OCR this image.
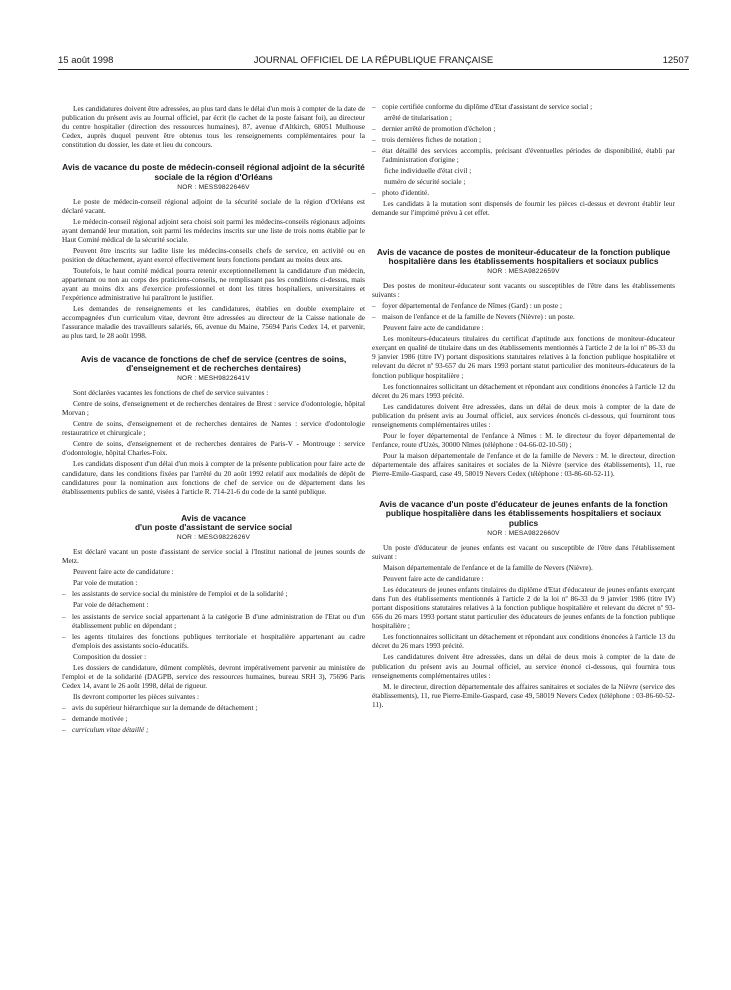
15 août 1998	JOURNAL OFFICIEL DE LA RÉPUBLIQUE FRANÇAISE	12507

Les candidatures doivent être adressées, au plus tard dans le délai d'un mois à compter de la date de publication du présent avis au Journal officiel, par écrit (le cachet de la poste faisant foi), au directeur du centre hospitalier (direction des ressources humaines), 87, avenue d'Altkirch, 68051 Mulhouse Cedex, auprès duquel peuvent être obtenus tous les renseignements complémentaires pour la constitution du dossier, les date et lieu du concours.

Avis de vacance du poste de médecin-conseil régional adjoint de la sécurité sociale de la région d'Orléans
NOR : MESS9822646V

Le poste de médecin-conseil régional adjoint de la sécurité sociale de la région d'Orléans est déclaré vacant.

Le médecin-conseil régional adjoint sera choisi soit parmi les médecins-conseils régionaux adjoints ayant demandé leur mutation, soit parmi les médecins inscrits sur une liste de trois noms établie par le Haut Comité médical de la sécurité sociale.

Peuvent être inscrits sur ladite liste les médecins-conseils chefs de service, en activité ou en position de détachement, ayant exercé effectivement leurs fonctions pendant au moins deux ans.

Toutefois, le haut comité médical pourra retenir exceptionnellement la candidature d'un médecin, appartenant ou non au corps des praticiens-conseils, ne remplissant pas les conditions ci-dessus, mais ayant au moins dix ans d'exercice professionnel et dont les titres hospitaliers, universitaires et l'expérience administrative lui paraîtront le justifier.

Les demandes de renseignements et les candidatures, établies en double exemplaire et accompagnées d'un curriculum vitae, devront être adressées au directeur de la Caisse nationale de l'assurance maladie des travailleurs salariés, 66, avenue du Maine, 75694 Paris Cedex 14, et parvenir, au plus tard, le 28 août 1998.

Avis de vacance de fonctions de chef de service (centres de soins, d'enseignement et de recherches dentaires)
NOR : MESH9822641V

Sont déclarées vacantes les fonctions de chef de service suivantes :

Centre de soins, d'enseignement et de recherches dentaires de Brest : service d'odontologie, hôpital Morvan ;

Centre de soins, d'enseignement et de recherches dentaires de Nantes : service d'odontologie restauratrice et chirurgicale ;

Centre de soins, d'enseignement et de recherches dentaires de Paris-V - Montrouge : service d'odontologie, hôpital Charles-Foix.

Les candidats disposent d'un délai d'un mois à compter de la présente publication pour faire acte de candidature, dans les conditions fixées par l'arrêté du 20 août 1992 relatif aux modalités de dépôt de candidatures pour la nomination aux fonctions de chef de service ou de département dans les établissements publics de santé, visées à l'article R. 714-21-6 du code de la santé publique.

Avis de vacance
d'un poste d'assistant de service social
NOR : MESG9822626V

Est déclaré vacant un poste d'assistant de service social à l'Institut national de jeunes sourds de Metz.

Peuvent faire acte de candidature :

Par voie de mutation :

– les assistants de service social du ministère de l'emploi et de la solidarité ;

Par voie de détachement :

– les assistants de service social appartenant à la catégorie B d'une administration de l'Etat ou d'un établissement public en dépendant ;

– les agents titulaires des fonctions publiques territoriale et hospitalière appartenant au cadre d'emplois des assistants socio-éducatifs.

Composition du dossier :

Les dossiers de candidature, dûment complétés, devront impérativement parvenir au ministère de l'emploi et de la solidarité (DAGPB, service des ressources humaines, bureau SRH 3), 75696 Paris Cedex 14, avant le 26 août 1998, délai de rigueur.

Ils devront comporter les pièces suivantes :

– avis du supérieur hiérarchique sur la demande de détachement ;

– demande motivée ;

– curriculum vitae détaillé ;

– copie certifiée conforme du diplôme d'Etat d'assistant de service social ;

arrêté de titularisation ;

– dernier arrêté de promotion d'échelon ;

– trois dernières fiches de notation ;

– état détaillé des services accomplis, précisant d'éventuelles périodes de disponibilité, établi par l'administration d'origine ;

fiche individuelle d'état civil ;

numéro de sécurité sociale ;

– photo d'identité.

Les candidats à la mutation sont dispensés de fournir les pièces ci-dessus et devront établir leur demande sur l'imprimé prévu à cet effet.

Avis de vacance de postes de moniteur-éducateur de la fonction publique hospitalière dans les établissements hospitaliers et sociaux publics
NOR : MESA9822659V

Des postes de moniteur-éducateur sont vacants ou susceptibles de l'être dans les établissements suivants :

– foyer départemental de l'enfance de Nîmes (Gard) : un poste ;

– maison de l'enfance et de la famille de Nevers (Nièvre) : un poste.

Peuvent faire acte de candidature :

Les moniteurs-éducateurs titulaires du certificat d'aptitude aux fonctions de moniteur-éducateur exerçant en qualité de titulaire dans un des établissements mentionnés à l'article 2 de la loi nº 86-33 du 9 janvier 1986 (titre IV) portant dispositions statutaires relatives à la fonction publique hospitalière et relevant du décret nº 93-657 du 26 mars 1993 portant statut particulier des moniteurs-éducateurs de la fonction publique hospitalière ;

Les fonctionnaires sollicitant un détachement et répondant aux conditions énoncées à l'article 12 du décret du 26 mars 1993 précité.

Les candidatures doivent être adressées, dans un délai de deux mois à compter de la date de publication du présent avis au Journal officiel, aux services énoncés ci-dessous, qui fourniront tous renseignements complémentaires utiles :

Pour le foyer départemental de l'enfance à Nîmes : M. le directeur du foyer départemental de l'enfance, route d'Uzès, 30000 Nîmes (téléphone : 04-66-02-10-50) ;

Pour la maison départementale de l'enfance et de la famille de Nevers : M. le directeur, direction départementale des affaires sanitaires et sociales de la Nièvre (service des établissements), 11, rue Pierre-Emile-Gaspard, case 49, 58019 Nevers Cedex (téléphone : 03-86-60-52-11).

Avis de vacance d'un poste d'éducateur de jeunes enfants de la fonction publique hospitalière dans les établissements hospitaliers et sociaux publics
NOR : MESA9822660V

Un poste d'éducateur de jeunes enfants est vacant ou susceptible de l'être dans l'établissement suivant :

Maison départementale de l'enfance et de la famille de Nevers (Nièvre).

Peuvent faire acte de candidature :

Les éducateurs de jeunes enfants titulaires du diplôme d'Etat d'éducateur de jeunes enfants exerçant dans l'un des établissements mentionnés à l'article 2 de la loi nº 86-33 du 9 janvier 1986 (titre IV) portant dispositions statutaires relatives à la fonction publique hospitalière et relevant du décret nº 93-656 du 26 mars 1993 portant statut particulier des éducateurs de jeunes enfants de la fonction publique hospitalière ;

Les fonctionnaires sollicitant un détachement et répondant aux conditions énoncées à l'article 13 du décret du 26 mars 1993 précité.

Les candidatures doivent être adressées, dans un délai de deux mois à compter de la date de publication du présent avis au Journal officiel, au service énoncé ci-dessous, qui fournira tous renseignements complémentaires utiles :

M. le directeur, direction départementale des affaires sanitaires et sociales de la Nièvre (service des établissements), 11, rue Pierre-Emile-Gaspard, case 49, 58019 Nevers Cedex (téléphone : 03-86-60-52-11).
